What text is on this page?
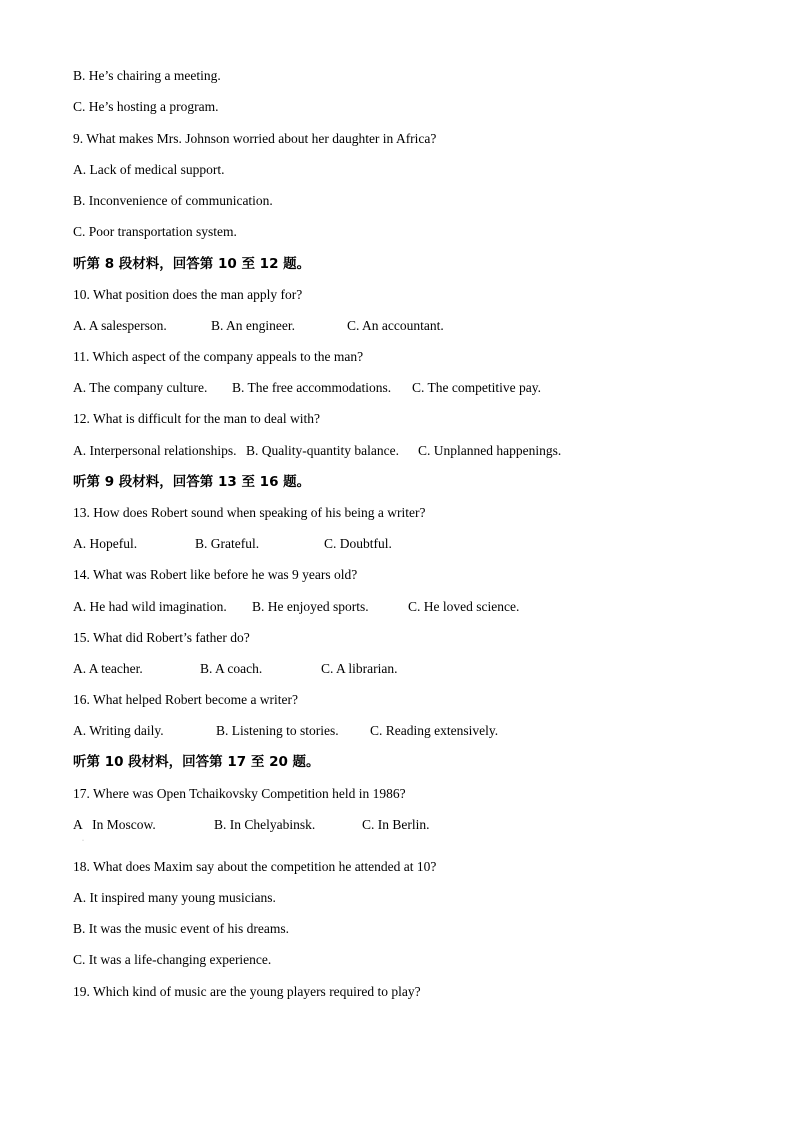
B. He’s chairing a meeting.
C. He’s hosting a program.
9. What makes Mrs. Johnson worried about her daughter in Africa?
A. Lack of medical support.
B. Inconvenience of communication.
C. Poor transportation system.
听第 8 段材料，回答第 10 至 12 题。
10. What position does the man apply for?
A. A salesperson.	B. An engineer.	C. An accountant.
11. Which aspect of the company appeals to the man?
A. The company culture. B. The free accommodations. C. The competitive pay.
12. What is difficult for the man to deal with?
A. Interpersonal relationships. B. Quality-quantity balance. C. Unplanned happenings.
听第 9 段材料，回答第 13 至 16 题。
13. How does Robert sound when speaking of his being a writer?
A. Hopeful.	B. Grateful.	C. Doubtful.
14. What was Robert like before he was 9 years old?
A. He had wild imagination. B. He enjoyed sports.	C. He loved science.
15. What did Robert’s father do?
A. A teacher.	B. A coach.	C. A librarian.
16. What helped Robert become a writer?
A. Writing daily.	B. Listening to stories. C. Reading extensively.
听第 10 段材料，回答第 17 至 20 题。
17. Where was Open Tchaikovsky Competition held in 1986?
A   In Moscow.	B. In Chelyabinsk.	C. In Berlin.
·
18. What does Maxim say about the competition he attended at 10?
A. It inspired many young musicians.
B. It was the music event of his dreams.
C. It was a life-changing experience.
19. Which kind of music are the young players required to play?
